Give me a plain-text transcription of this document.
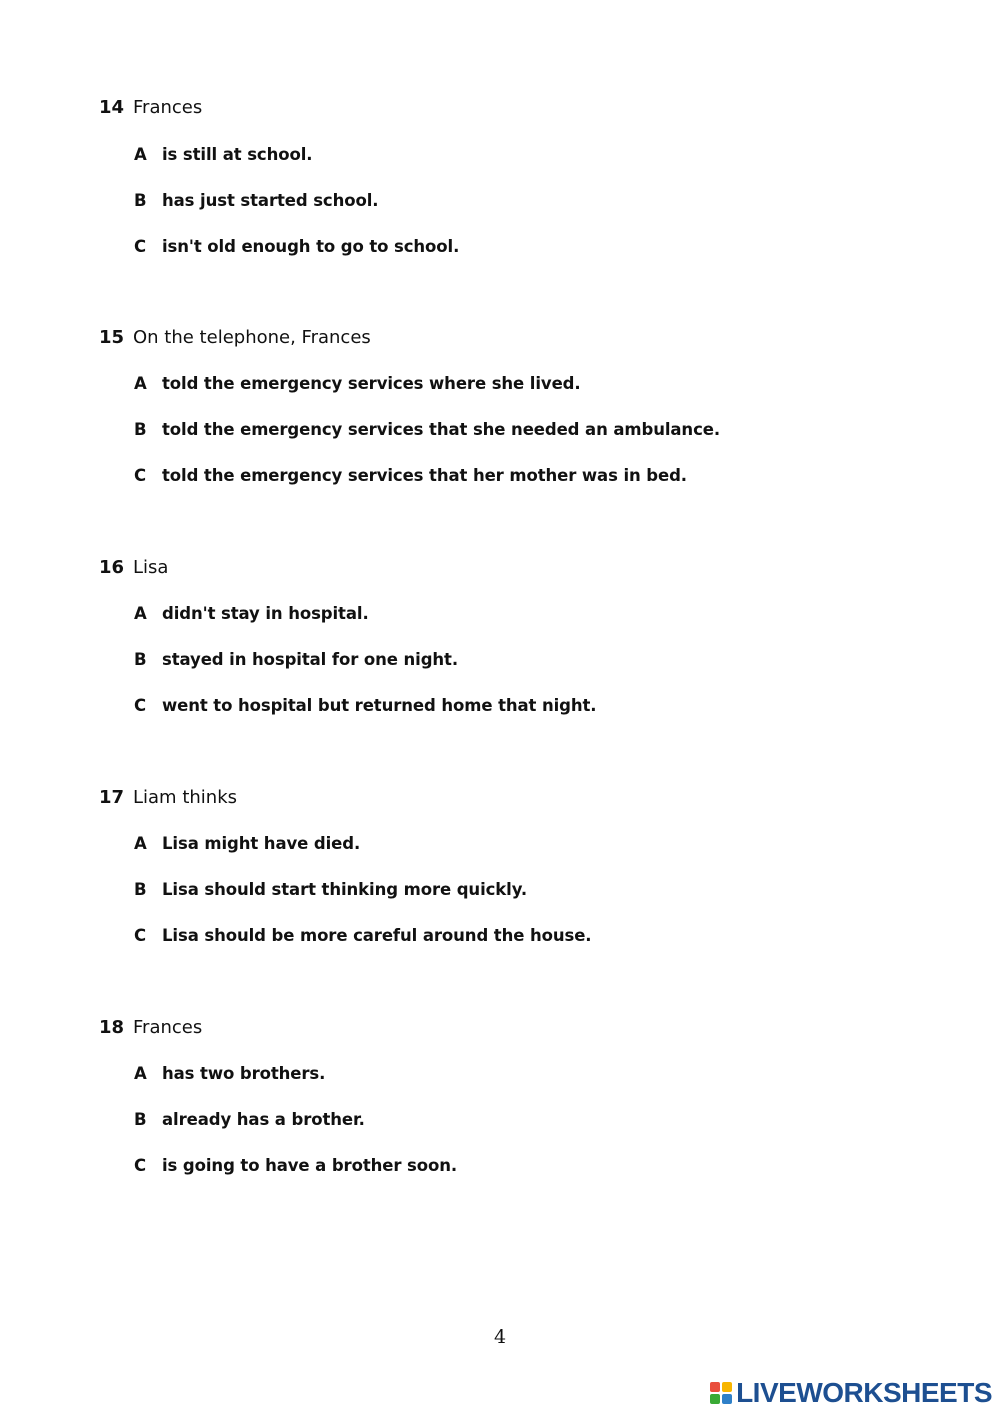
14 Frances
A is still at school.
B has just started school.
C isn't old enough to go to school.
15 On the telephone, Frances
A told the emergency services where she lived.
B told the emergency services that she needed an ambulance.
C told the emergency services that her mother was in bed.
16 Lisa
A didn't stay in hospital.
B stayed in hospital for one night.
C went to hospital but returned home that night.
17 Liam thinks
A Lisa might have died.
B Lisa should start thinking more quickly.
C Lisa should be more careful around the house.
18 Frances
A has two brothers.
B already has a brother.
C is going to have a brother soon.
4
LIVEWORKSHEETS
